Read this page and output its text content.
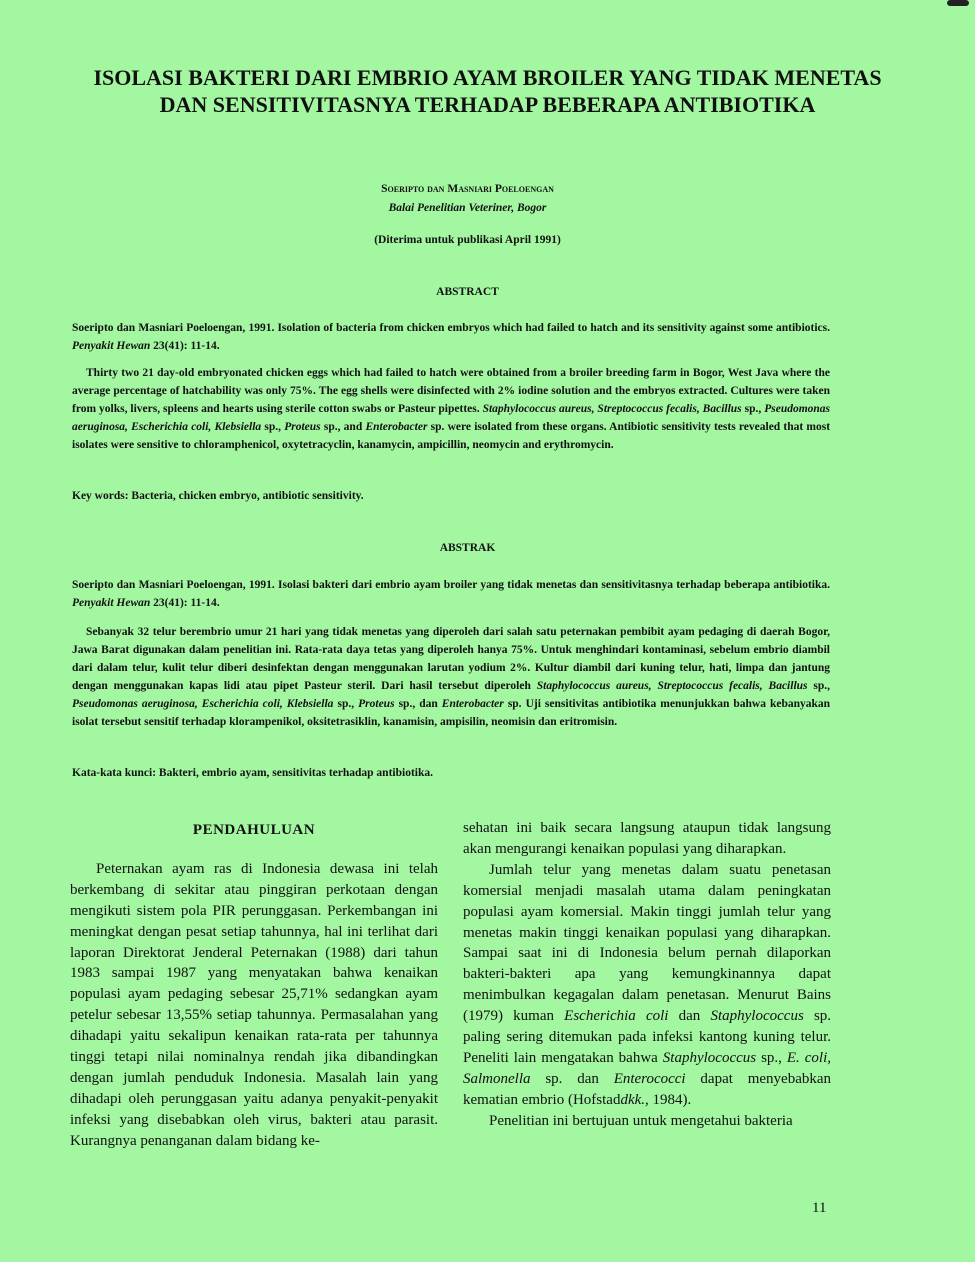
ISOLASI BAKTERI DARI EMBRIO AYAM BROILER YANG TIDAK MENETAS DAN SENSITIVITASNYA TERHADAP BEBERAPA ANTIBIOTIKA
Soeripto dan Masniari Poeloengan
Balai Penelitian Veteriner, Bogor
(Diterima untuk publikasi April 1991)
ABSTRACT
Soeripto dan Masniari Poeloengan, 1991. Isolation of bacteria from chicken embryos which had failed to hatch and its sensitivity against some antibiotics. Penyakit Hewan 23(41): 11-14.
Thirty two 21 day-old embryonated chicken eggs which had failed to hatch were obtained from a broiler breeding farm in Bogor, West Java where the average percentage of hatchability was only 75%. The egg shells were disinfected with 2% iodine solution and the embryos extracted. Cultures were taken from yolks, livers, spleens and hearts using sterile cotton swabs or Pasteur pipettes. Staphylococcus aureus, Streptococcus fecalis, Bacillus sp., Pseudomonas aeruginosa, Escherichia coli, Klebsiella sp., Proteus sp., and Enterobacter sp. were isolated from these organs. Antibiotic sensitivity tests revealed that most isolates were sensitive to chloramphenicol, oxytetracyclin, kanamycin, ampicillin, neomycin and erythromycin.
Key words: Bacteria, chicken embryo, antibiotic sensitivity.
ABSTRAK
Soeripto dan Masniari Poeloengan, 1991. Isolasi bakteri dari embrio ayam broiler yang tidak menetas dan sensitivitasnya terhadap beberapa antibiotika. Penyakit Hewan 23(41): 11-14.
Sebanyak 32 telur berembrio umur 21 hari yang tidak menetas yang diperoleh dari salah satu peternakan pembibit ayam pedaging di daerah Bogor, Jawa Barat digunakan dalam penelitian ini. Rata-rata daya tetas yang diperoleh hanya 75%. Untuk menghindari kontaminasi, sebelum embrio diambil dari dalam telur, kulit telur diberi desinfektan dengan menggunakan larutan yodium 2%. Kultur diambil dari kuning telur, hati, limpa dan jantung dengan menggunakan kapas lidi atau pipet Pasteur steril. Dari hasil tersebut diperoleh Staphylococcus aureus, Streptococcus fecalis, Bacillus sp., Pseudomonas aeruginosa, Escherichia coli, Klebsiella sp., Proteus sp., dan Enterobacter sp. Uji sensitivitas antibiotika menunjukkan bahwa kebanyakan isolat tersebut sensitif terhadap klorampenikol, oksitetrasiklin, kanamisin, ampisilin, neomisin dan eritromisin.
Kata-kata kunci: Bakteri, embrio ayam, sensitivitas terhadap antibiotika.
PENDAHULUAN

Peternakan ayam ras di Indonesia dewasa ini telah berkembang di sekitar atau pinggiran perkotaan dengan mengikuti sistem pola PIR perunggasan. Perkembangan ini meningkat dengan pesat setiap tahunnya, hal ini terlihat dari laporan Direktorat Jenderal Peternakan (1988) dari tahun 1983 sampai 1987 yang menyatakan bahwa kenaikan populasi ayam pedaging sebesar 25,71% sedangkan ayam petelur sebesar 13,55% setiap tahunnya. Permasalahan yang dihadapi yaitu sekalipun kenaikan rata-rata per tahunnya tinggi tetapi nilai nominalnya rendah jika dibandingkan dengan jumlah penduduk Indonesia. Masalah lain yang dihadapi oleh perunggasan yaitu adanya penyakit-penyakit infeksi yang disebabkan oleh virus, bakteri atau parasit. Kurangnya penanganan dalam bidang ke-

sehatan ini baik secara langsung ataupun tidak langsung akan mengurangi kenaikan populasi yang diharapkan.

Jumlah telur yang menetas dalam suatu penetasan komersial menjadi masalah utama dalam peningkatan populasi ayam komersial. Makin tinggi jumlah telur yang menetas makin tinggi kenaikan populasi yang diharapkan. Sampai saat ini di Indonesia belum pernah dilaporkan bakteri-bakteri apa yang kemungkinannya dapat menimbulkan kegagalan dalam penetasan. Menurut Bains (1979) kuman Escherichia coli dan Staphylococcus sp. paling sering ditemukan pada infeksi kantong kuning telur. Peneliti lain mengatakan bahwa Staphylococcus sp., E. coli, Salmonella sp. dan Enterococci dapat menyebabkan kematian embrio (Hofstaddkk., 1984).

Penelitian ini bertujuan untuk mengetahui bakteria

11
